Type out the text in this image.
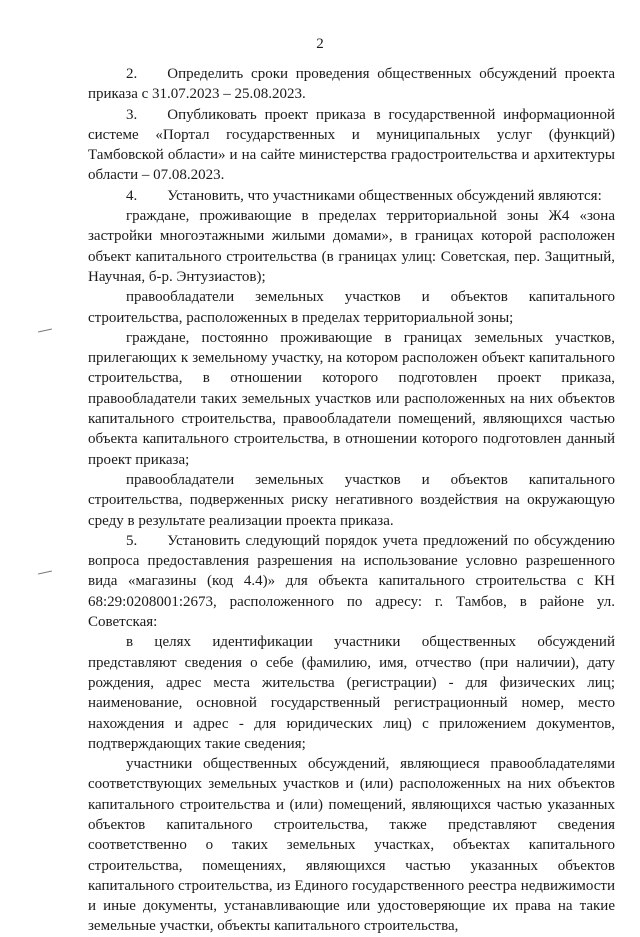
2

2.  Определить сроки проведения общественных обсуждений проекта приказа с 31.07.2023 – 25.08.2023.

3.  Опубликовать проект приказа в государственной информационной системе «Портал государственных и муниципальных услуг (функций) Тамбовской области» и на сайте министерства градостроительства и архитектуры области – 07.08.2023.

4.  Установить, что участниками общественных обсуждений являются:

граждане, проживающие в пределах территориальной зоны Ж4 «зона застройки многоэтажными жилыми домами», в границах которой расположен объект капитального строительства (в границах улиц: Советская, пер. Защитный, Научная, б-р. Энтузиастов);

правообладатели земельных участков и объектов капитального строительства, расположенных в пределах территориальной зоны;

граждане, постоянно проживающие в границах земельных участков, прилегающих к земельному участку, на котором расположен объект капитального строительства, в отношении которого подготовлен проект приказа, правообладатели таких земельных участков или расположенных на них объектов капитального строительства, правообладатели помещений, являющихся частью объекта капитального строительства, в отношении которого подготовлен данный проект приказа;

правообладатели земельных участков и объектов капитального строительства, подверженных риску негативного воздействия на окружающую среду в результате реализации проекта приказа.

5.  Установить следующий порядок учета предложений по обсуждению вопроса предоставления разрешения на использование условно разрешенного вида «магазины (код 4.4)» для объекта капитального строительства с КН 68:29:0208001:2673, расположенного по адресу: г. Тамбов, в районе ул. Советская:

в целях идентификации участники общественных обсуждений представляют сведения о себе (фамилию, имя, отчество (при наличии), дату рождения, адрес места жительства (регистрации) - для физических лиц; наименование, основной государственный регистрационный номер, место нахождения и адрес - для юридических лиц) с приложением документов, подтверждающих такие сведения;

участники общественных обсуждений, являющиеся правообладателями соответствующих земельных участков и (или) расположенных на них объектов капитального строительства и (или) помещений, являющихся частью указанных объектов капитального строительства, также представляют сведения соответственно о таких земельных участках, объектах капитального строительства, помещениях, являющихся частью указанных объектов капитального строительства, из Единого государственного реестра недвижимости и иные документы, устанавливающие или удостоверяющие их права на такие земельные участки, объекты капитального строительства,
